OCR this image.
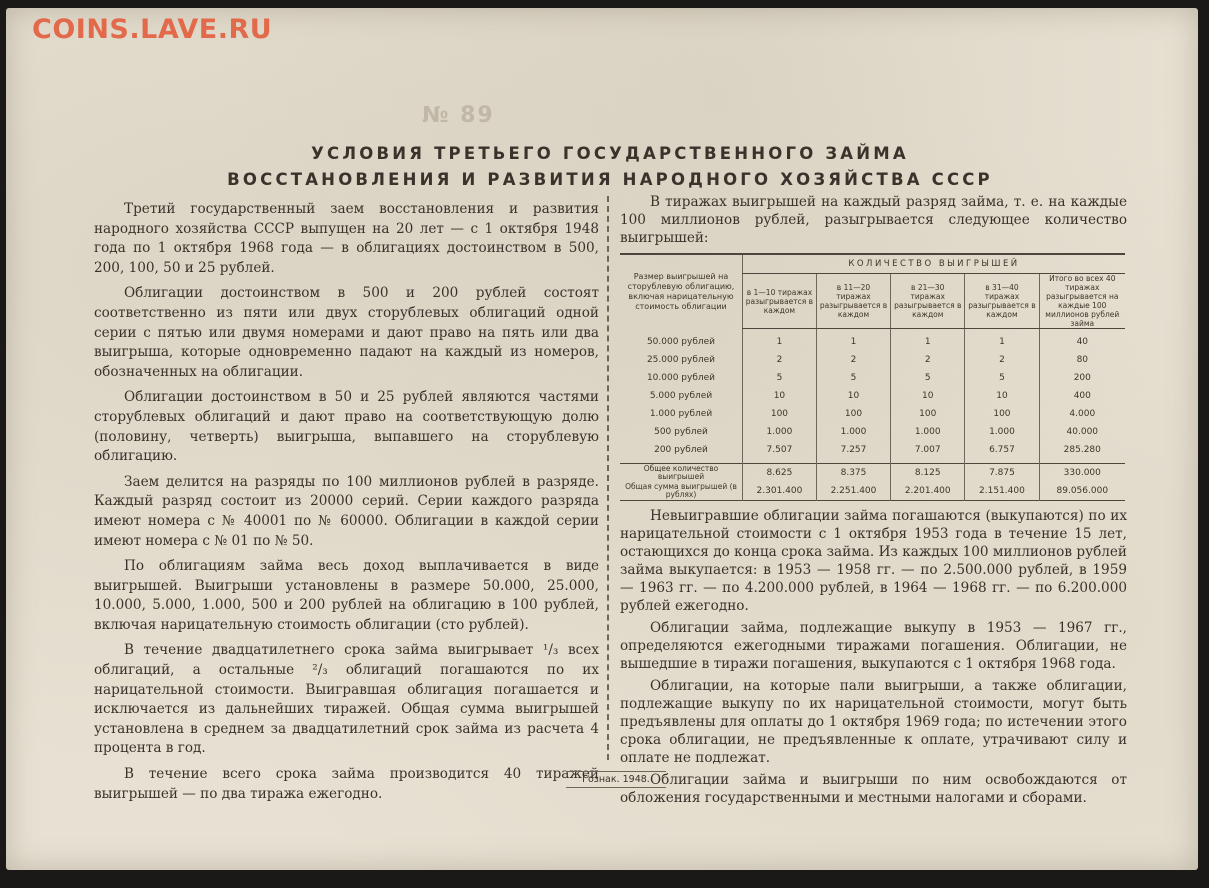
COINS.LAVE.RU
№ 89
УСЛОВИЯ ТРЕТЬЕГО ГОСУДАРСТВЕННОГО ЗАЙМА
ВОССТАНОВЛЕНИЯ И РАЗВИТИЯ НАРОДНОГО ХОЗЯЙСТВА СССР

Третий государственный заем восстановления и развития народного хозяйства СССР выпущен на 20 лет — с 1 октября 1948 года по 1 октября 1968 года — в облигациях достоинством в 500, 200, 100, 50 и 25 рублей.

Облигации достоинством в 500 и 200 рублей состоят соответственно из пяти или двух сторублевых облигаций одной серии с пятью или двумя номерами и дают право на пять или два выигрыша, которые одновременно падают на каждый из номеров, обозначенных на облигации.

Облигации достоинством в 50 и 25 рублей являются частями сторублевых облигаций и дают право на соответствующую долю (половину, четверть) выигрыша, выпавшего на сторублевую облигацию.

Заем делится на разряды по 100 миллионов рублей в разряде. Каждый разряд состоит из 20000 серий. Серии каждого разряда имеют номера с № 40001 по № 60000. Облигации в каждой серии имеют номера с № 01 по № 50.

По облигациям займа весь доход выплачивается в виде выигрышей. Выигрыши установлены в размере 50.000, 25.000, 10.000, 5.000, 1.000, 500 и 200 рублей на облигацию в 100 рублей, включая нарицательную стоимость облигации (сто рублей).

В течение двадцатилетнего срока займа выигрывает ¹/₃ всех облигаций, а остальные ²/₃ облигаций погашаются по их нарицательной стоимости. Выигравшая облигация погашается и исключается из дальнейших тиражей. Общая сумма выигрышей установлена в среднем за двадцатилетний срок займа из расчета 4 процента в год.

В течение всего срока займа производится 40 тиражей выигрышей — по два тиража ежегодно.

В тиражах выигрышей на каждый разряд займа, т. е. на каждые 100 миллионов рублей, разыгрывается следующее количество выигрышей:

Размер выигрышей на сторублевую облигацию, включая нарицательную стоимость облигации	КОЛИЧЕСТВО ВЫИГРЫШЕЙ				
	в 1—10 тиражах разыгрывается в каждом	в 11—20 тиражах разыгрывается в каждом	в 21—30 тиражах разыгрывается в каждом	в 31—40 тиражах разыгрывается в каждом	Итого во всех 40 тиражах разыгрывается на каждые 100 миллионов рублей займа

50.000 рублей	1	1	1	1	40
25.000 рублей	2	2	2	2	80
10.000 рублей	5	5	5	5	200
5.000 рублей	10	10	10	10	400
1.000 рублей	100	100	100	100	4.000
500 рублей	1.000	1.000	1.000	1.000	40.000
200 рублей	7.507	7.257	7.007	6.757	285.280

Общее количество выигрышей	8.625	8.375	8.125	7.875	330.000
Общая сумма выигрышей (в рублях)	2.301.400	2.251.400	2.201.400	2.151.400	89.056.000

Невыигравшие облигации займа погашаются (выкупаются) по их нарицательной стоимости с 1 октября 1953 года в течение 15 лет, остающихся до конца срока займа. Из каждых 100 миллионов рублей займа выкупается: в 1953 — 1958 гг. — по 2.500.000 рублей, в 1959 — 1963 гг. — по 4.200.000 рублей, в 1964 — 1968 гг. — по 6.200.000 рублей ежегодно.

Облигации займа, подлежащие выкупу в 1953 — 1967 гг., определяются ежегодными тиражами погашения. Облигации, не вышедшие в тиражи погашения, выкупаются с 1 октября 1968 года.

Облигации, на которые пали выигрыши, а также облигации, подлежащие выкупу по их нарицательной стоимости, могут быть предъявлены для оплаты до 1 октября 1969 года; по истечении этого срока облигации, не предъявленные к оплате, утрачивают силу и оплате не подлежат.

Облигации займа и выигрыши по ним освобождаются от обложения государственными и местными налогами и сборами.

Гознак. 1948.
